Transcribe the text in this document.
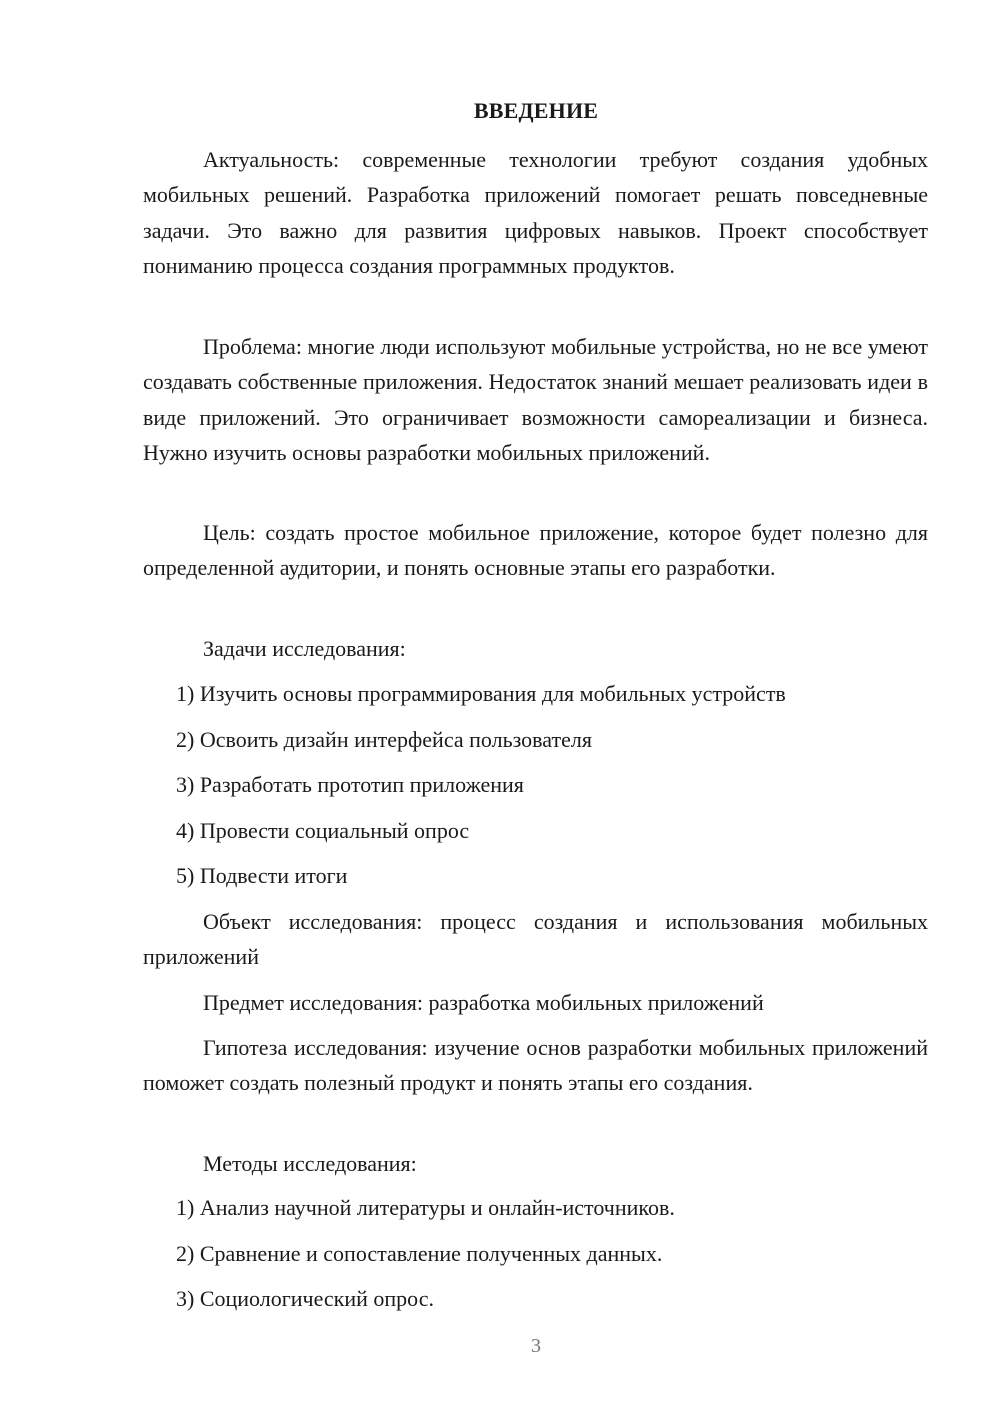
ВВЕДЕНИЕ

Актуальность: современные технологии требуют создания удобных мобильных решений. Разработка приложений помогает решать повседневные задачи. Это важно для развития цифровых навыков. Проект способствует пониманию процесса создания программных продуктов.

Проблема: многие люди используют мобильные устройства, но не все умеют создавать собственные приложения. Недостаток знаний мешает реализовать идеи в виде приложений. Это ограничивает возможности самореализации и бизнеса. Нужно изучить основы разработки мобильных приложений.

Цель: создать простое мобильное приложение, которое будет полезно для определенной аудитории, и понять основные этапы его разработки.

Задачи исследования:

1) Изучить основы программирования для мобильных устройств
2) Освоить дизайн интерфейса пользователя
3) Разработать прототип приложения
4) Провести социальный опрос
5) Подвести итоги

Объект исследования: процесс создания и использования мобильных приложений

Предмет исследования: разработка мобильных приложений

Гипотеза исследования: изучение основ разработки мобильных приложений поможет создать полезный продукт и понять этапы его создания.

Методы исследования:

1) Анализ научной литературы и онлайн-источников.
2) Сравнение и сопоставление полученных данных.
3) Социологический опрос.
3
